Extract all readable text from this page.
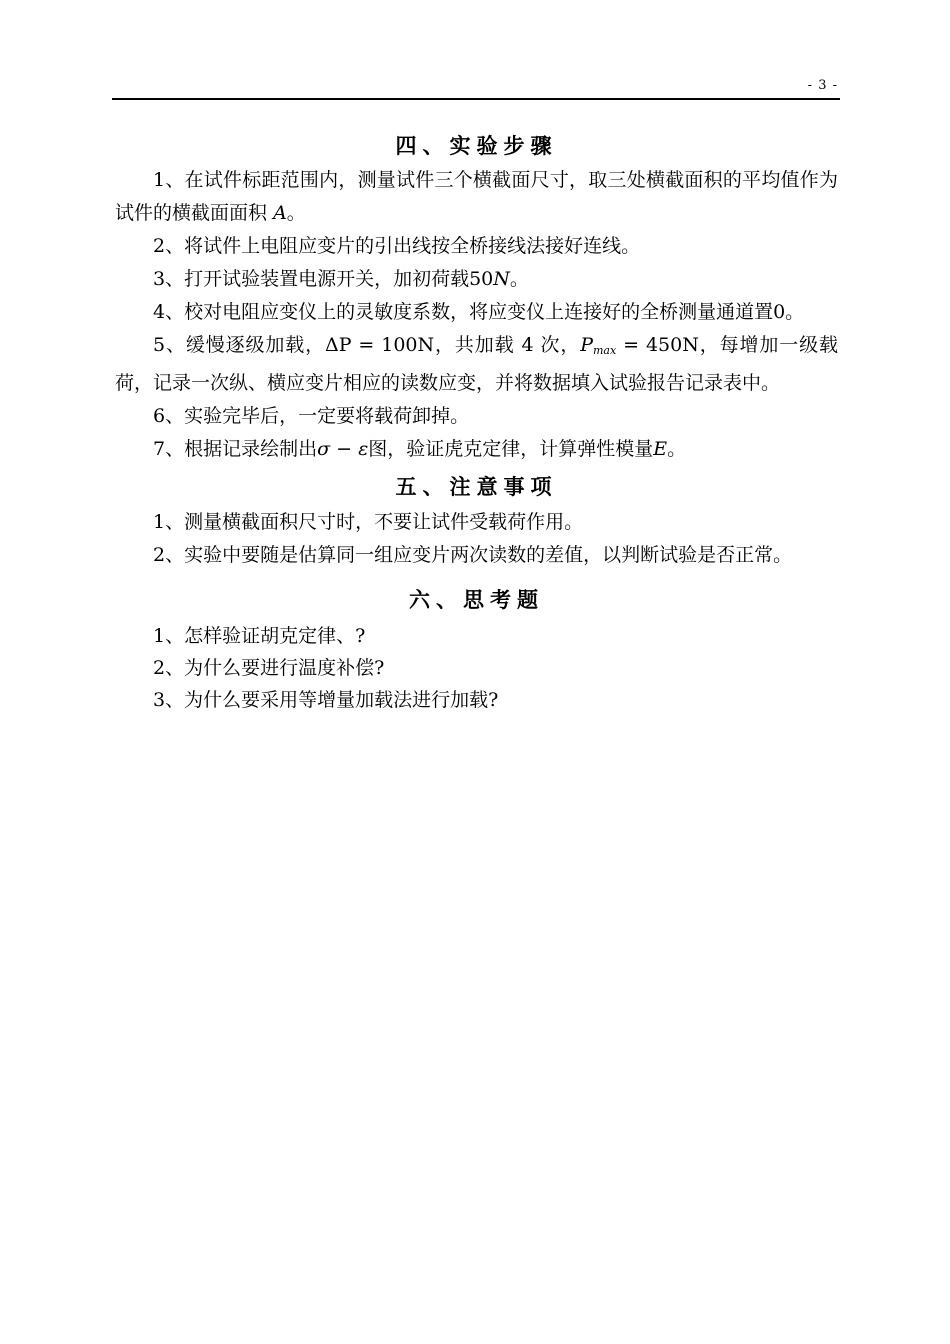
- 3 -
四、实验步骤

1、在试件标距范围内，测量试件三个横截面尺寸，取三处横截面积的平均值作为试件的横截面面积 A。

2、将试件上电阻应变片的引出线按全桥接线法接好连线。

3、打开试验装置电源开关，加初荷载50N。

4、校对电阻应变仪上的灵敏度系数，将应变仪上连接好的全桥测量通道置0。

5、缓慢逐级加载，ΔP = 100N，共加载 4 次，$P_{max} = 450N$，每增加一级载荷，记录一次纵、横应变片相应的读数应变，并将数据填入试验报告记录表中。

6、实验完毕后，一定要将载荷卸掉。

7、根据记录绘制出σ − ε图，验证虎克定律，计算弹性模量E。

五、注意事项

1、测量横截面积尺寸时，不要让试件受载荷作用。

2、实验中要随是估算同一组应变片两次读数的差值，以判断试验是否正常。

六、思考题

1、怎样验证胡克定律、?

2、为什么要进行温度补偿?

3、为什么要采用等增量加载法进行加载?
